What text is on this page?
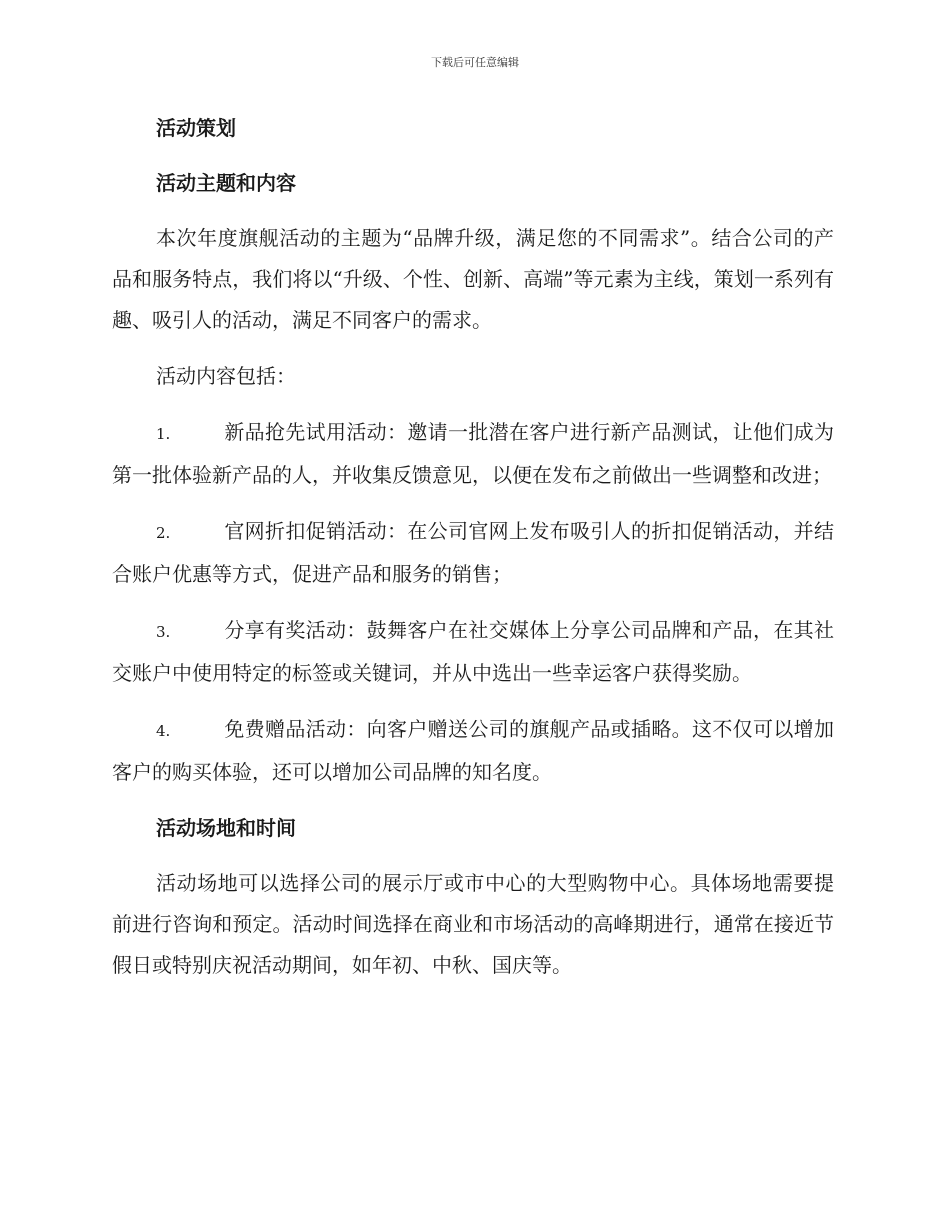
下载后可任意编辑
活动策划
活动主题和内容

本次年度旗舰活动的主题为“品牌升级，满足您的不同需求”。结合公司的产品和服务特点，我们将以“升级、个性、创新、高端”等元素为主线，策划一系列有趣、吸引人的活动，满足不同客户的需求。

活动内容包括：

1.	新品抢先试用活动：邀请一批潜在客户进行新产品测试，让他们成为第一批体验新产品的人，并收集反馈意见，以便在发布之前做出一些调整和改进；

2.	官网折扣促销活动：在公司官网上发布吸引人的折扣促销活动，并结合账户优惠等方式，促进产品和服务的销售；

3.	分享有奖活动：鼓舞客户在社交媒体上分享公司品牌和产品，在其社交账户中使用特定的标签或关键词，并从中选出一些幸运客户获得奖励。

4.	免费赠品活动：向客户赠送公司的旗舰产品或插略。这不仅可以增加客户的购买体验，还可以增加公司品牌的知名度。

活动场地和时间

活动场地可以选择公司的展示厅或市中心的大型购物中心。具体场地需要提前进行咨询和预定。活动时间选择在商业和市场活动的高峰期进行，通常在接近节假日或特别庆祝活动期间，如年初、中秋、国庆等。
